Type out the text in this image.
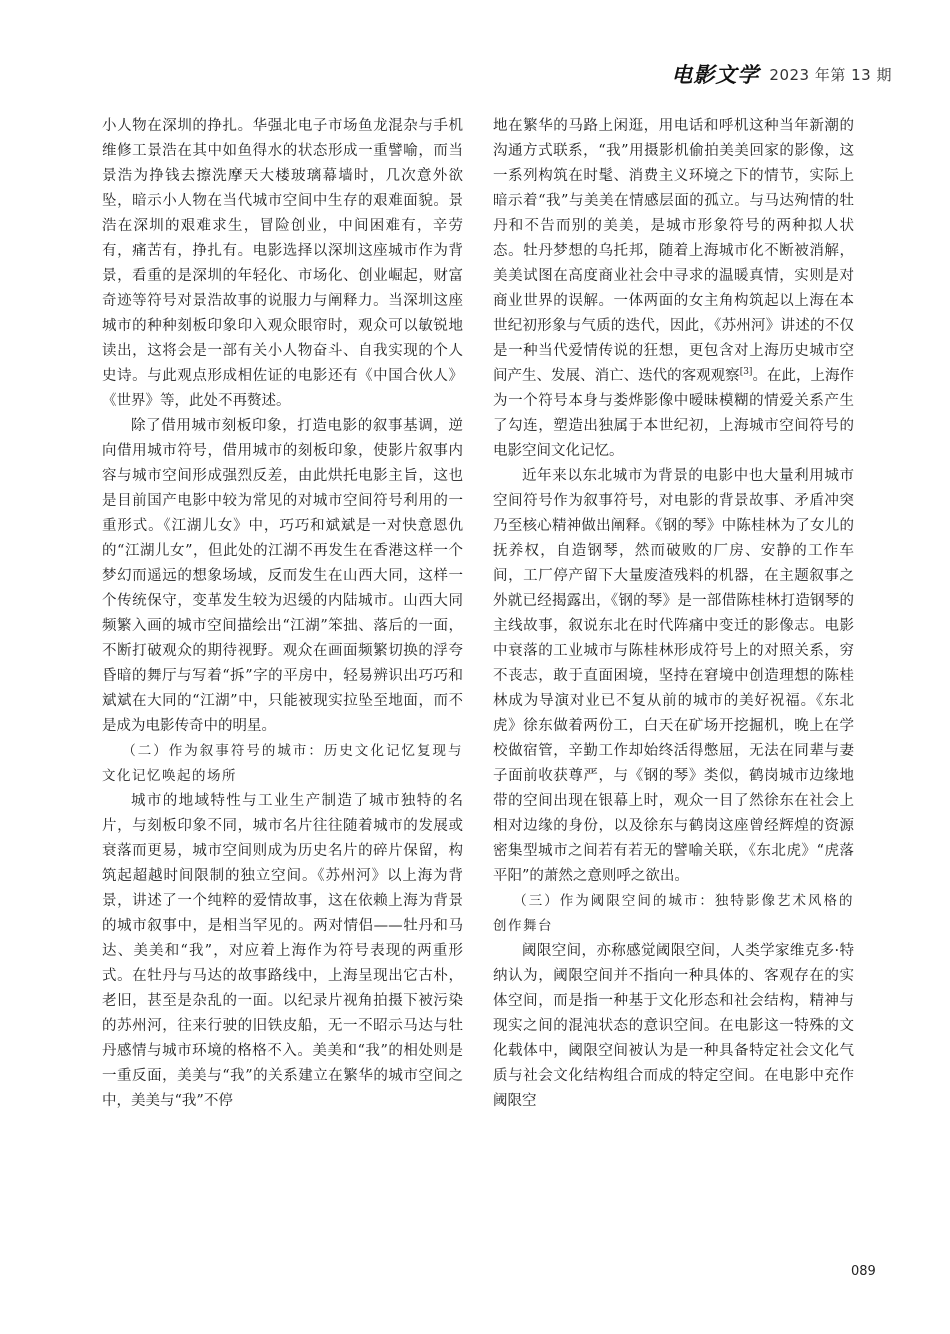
电影文学 2023 年第 13 期

小人物在深圳的挣扎。华强北电子市场鱼龙混杂与手机维修工景浩在其中如鱼得水的状态形成一重譬喻，而当景浩为挣钱去擦洗摩天大楼玻璃幕墙时，几次意外欲坠，暗示小人物在当代城市空间中生存的艰难面貌。景浩在深圳的艰难求生，冒险创业，中间困难有，辛劳有，痛苦有，挣扎有。电影选择以深圳这座城市作为背景，看重的是深圳的年轻化、市场化、创业崛起，财富奇迹等符号对景浩故事的说服力与阐释力。当深圳这座城市的种种刻板印象印入观众眼帘时，观众可以敏锐地读出，这将会是一部有关小人物奋斗、自我实现的个人史诗。与此观点形成相佐证的电影还有《中国合伙人》《世界》等，此处不再赘述。

除了借用城市刻板印象，打造电影的叙事基调，逆向借用城市符号，借用城市的刻板印象，使影片叙事内容与城市空间形成强烈反差，由此烘托电影主旨，这也是目前国产电影中较为常见的对城市空间符号利用的一重形式。《江湖儿女》中，巧巧和斌斌是一对快意恩仇的“江湖儿女”，但此处的江湖不再发生在香港这样一个梦幻而遥远的想象场域，反而发生在山西大同，这样一个传统保守，变革发生较为迟缓的内陆城市。山西大同频繁入画的城市空间描绘出“江湖”笨拙、落后的一面，不断打破观众的期待视野。观众在画面频繁切换的浮夸昏暗的舞厅与写着“拆”字的平房中，轻易辨识出巧巧和斌斌在大同的“江湖”中，只能被现实拉坠至地面，而不是成为电影传奇中的明星。

（二）作为叙事符号的城市：历史文化记忆复现与文化记忆唤起的场所

城市的地域特性与工业生产制造了城市独特的名片，与刻板印象不同，城市名片往往随着城市的发展或衰落而更易，城市空间则成为历史名片的碎片保留，构筑起超越时间限制的独立空间。《苏州河》以上海为背景，讲述了一个纯粹的爱情故事，这在依赖上海为背景的城市叙事中，是相当罕见的。两对情侣——牡丹和马达、美美和“我”，对应着上海作为符号表现的两重形式。在牡丹与马达的故事路线中，上海呈现出它古朴，老旧，甚至是杂乱的一面。以纪录片视角拍摄下被污染的苏州河，往来行驶的旧铁皮船，无一不昭示马达与牡丹感情与城市环境的格格不入。美美和“我”的相处则是一重反面，美美与“我”的关系建立在繁华的城市空间之中，美美与“我”不停

地在繁华的马路上闲逛，用电话和呼机这种当年新潮的沟通方式联系，“我”用摄影机偷拍美美回家的影像，这一系列构筑在时髦、消费主义环境之下的情节，实际上暗示着“我”与美美在情感层面的孤立。与马达殉情的牡丹和不告而别的美美，是城市形象符号的两种拟人状态。牡丹梦想的乌托邦，随着上海城市化不断被消解，美美试图在高度商业社会中寻求的温暖真情，实则是对商业世界的误解。一体两面的女主角构筑起以上海在本世纪初形象与气质的迭代，因此，《苏州河》讲述的不仅是一种当代爱情传说的狂想，更包含对上海历史城市空间产生、发展、消亡、迭代的客观观察[3]。在此，上海作为一个符号本身与娄烨影像中暧昧模糊的情爱关系产生了勾连，塑造出独属于本世纪初，上海城市空间符号的电影空间文化记忆。

近年来以东北城市为背景的电影中也大量利用城市空间符号作为叙事符号，对电影的背景故事、矛盾冲突乃至核心精神做出阐释。《钢的琴》中陈桂林为了女儿的抚养权，自造钢琴，然而破败的厂房、安静的工作车间，工厂停产留下大量废渣残料的机器，在主题叙事之外就已经揭露出，《钢的琴》是一部借陈桂林打造钢琴的主线故事，叙说东北在时代阵痛中变迁的影像志。电影中衰落的工业城市与陈桂林形成符号上的对照关系，穷不丧志，敢于直面困境，坚持在窘境中创造理想的陈桂林成为导演对业已不复从前的城市的美好祝福。《东北虎》徐东做着两份工，白天在矿场开挖掘机，晚上在学校做宿管，辛勤工作却始终活得憋屈，无法在同辈与妻子面前收获尊严，与《钢的琴》类似，鹤岗城市边缘地带的空间出现在银幕上时，观众一目了然徐东在社会上相对边缘的身份，以及徐东与鹤岗这座曾经辉煌的资源密集型城市之间若有若无的譬喻关联，《东北虎》“虎落平阳”的萧然之意则呼之欲出。

（三）作为阈限空间的城市：独特影像艺术风格的创作舞台

阈限空间，亦称感觉阈限空间，人类学家维克多·特纳认为，阈限空间并不指向一种具体的、客观存在的实体空间，而是指一种基于文化形态和社会结构，精神与现实之间的混沌状态的意识空间。在电影这一特殊的文化载体中，阈限空间被认为是一种具备特定社会文化气质与社会文化结构组合而成的特定空间。在电影中充作阈限空

089
